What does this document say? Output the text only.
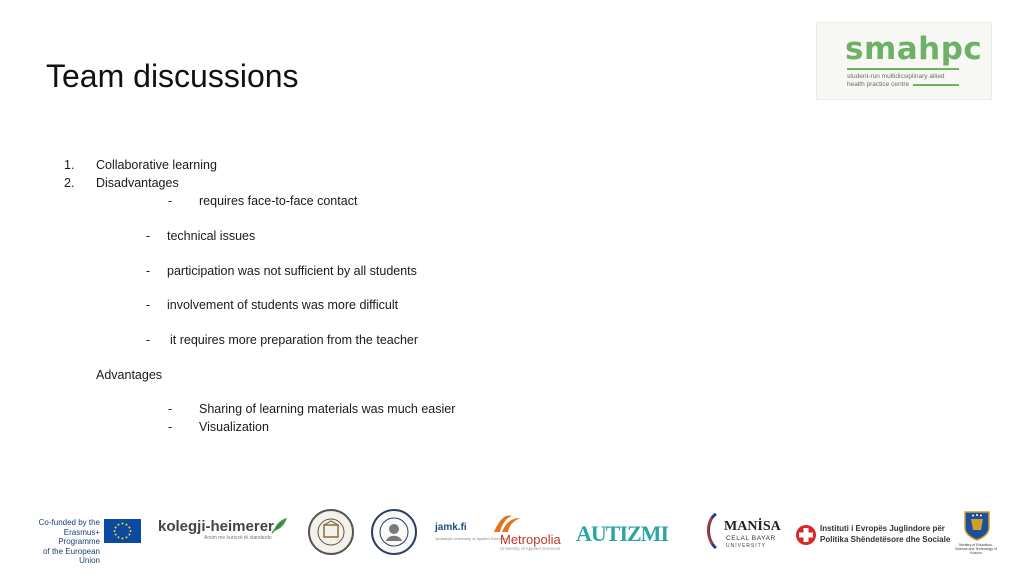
Team discussions
smahpc
student-run multidicsiplinary allied
health practice centre
1. Collaborative learning
2. Disadvantages
- requires face-to-face contact
- technical issues
- participation was not sufficient by all students
- involvement of students was more difficult
- it requires more preparation from the teacher
Advantages
- Sharing of learning materials was much easier
- Visualization
Co-funded by the
Erasmus+ Programme
of the European Union
kolegji-heimerer
Arsim me kuriozë të standarde
jamk.fi
Jyväskylä University of Applied Sciences
Metropolia
University of Applied Sciences
AUTIZMI	MANİSA
CELAL BAYAR
UNIVERSITY
Instituti i Evropës Juglindore për
Politika Shëndetësore dhe Sociale
Ministry of Education, Science and Technology of Kosovo
